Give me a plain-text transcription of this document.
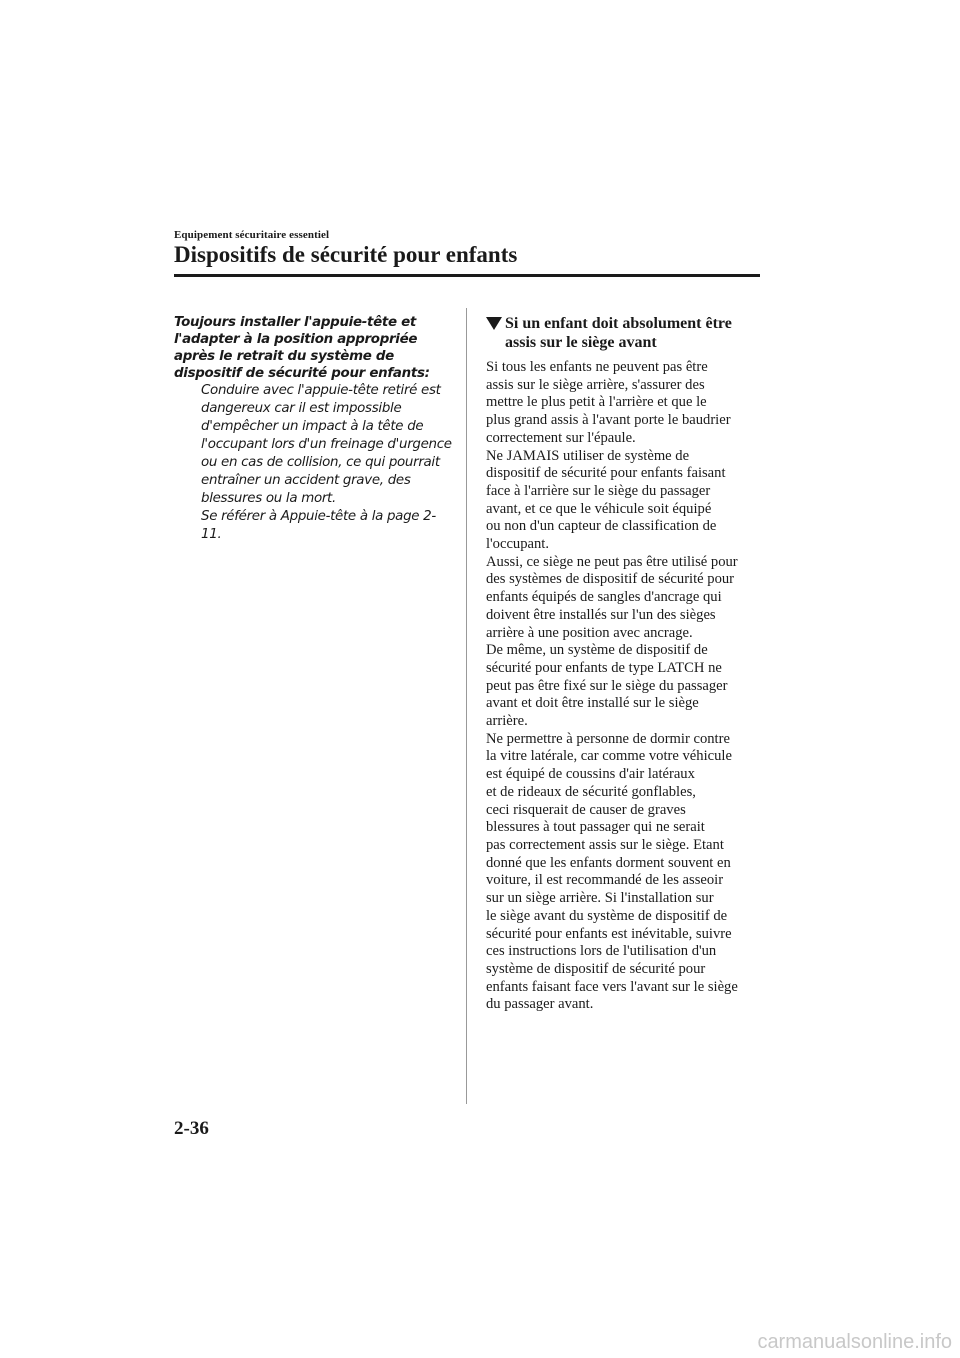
Equipement sécuritaire essentiel
Dispositifs de sécurité pour enfants
Toujours installer l'appuie-tête et l'adapter à la position appropriée après le retrait du système de dispositif de sécurité pour enfants:

Conduire avec l'appuie-tête retiré est dangereux car il est impossible d'empêcher un impact à la tête de l'occupant lors d'un freinage d'urgence ou en cas de collision, ce qui pourrait entraîner un accident grave, des blessures ou la mort.

Se référer à Appuie-tête à la page 2-11.

Si un enfant doit absolument être assis sur le siège avant
Si tous les enfants ne peuvent pas être
assis sur le siège arrière, s'assurer des
mettre le plus petit à l'arrière et que le
plus grand assis à l'avant porte le baudrier
correctement sur l'épaule.
Ne JAMAIS utiliser de système de
dispositif de sécurité pour enfants faisant
face à l'arrière sur le siège du passager
avant, et ce que le véhicule soit équipé
ou non d'un capteur de classification de
l'occupant.
Aussi, ce siège ne peut pas être utilisé pour
des systèmes de dispositif de sécurité pour
enfants équipés de sangles d'ancrage qui
doivent être installés sur l'un des sièges
arrière à une position avec ancrage.
De même, un système de dispositif de
sécurité pour enfants de type LATCH ne
peut pas être fixé sur le siège du passager
avant et doit être installé sur le siège
arrière.
Ne permettre à personne de dormir contre
la vitre latérale, car comme votre véhicule
est équipé de coussins d'air latéraux
et de rideaux de sécurité gonflables,
ceci risquerait de causer de graves
blessures à tout passager qui ne serait
pas correctement assis sur le siège. Etant
donné que les enfants dorment souvent en
voiture, il est recommandé de les asseoir
sur un siège arrière. Si l'installation sur
le siège avant du système de dispositif de
sécurité pour enfants est inévitable, suivre
ces instructions lors de l'utilisation d'un
système de dispositif de sécurité pour
enfants faisant face vers l'avant sur le siège
du passager avant.
2-36
carmanualsonline.info
